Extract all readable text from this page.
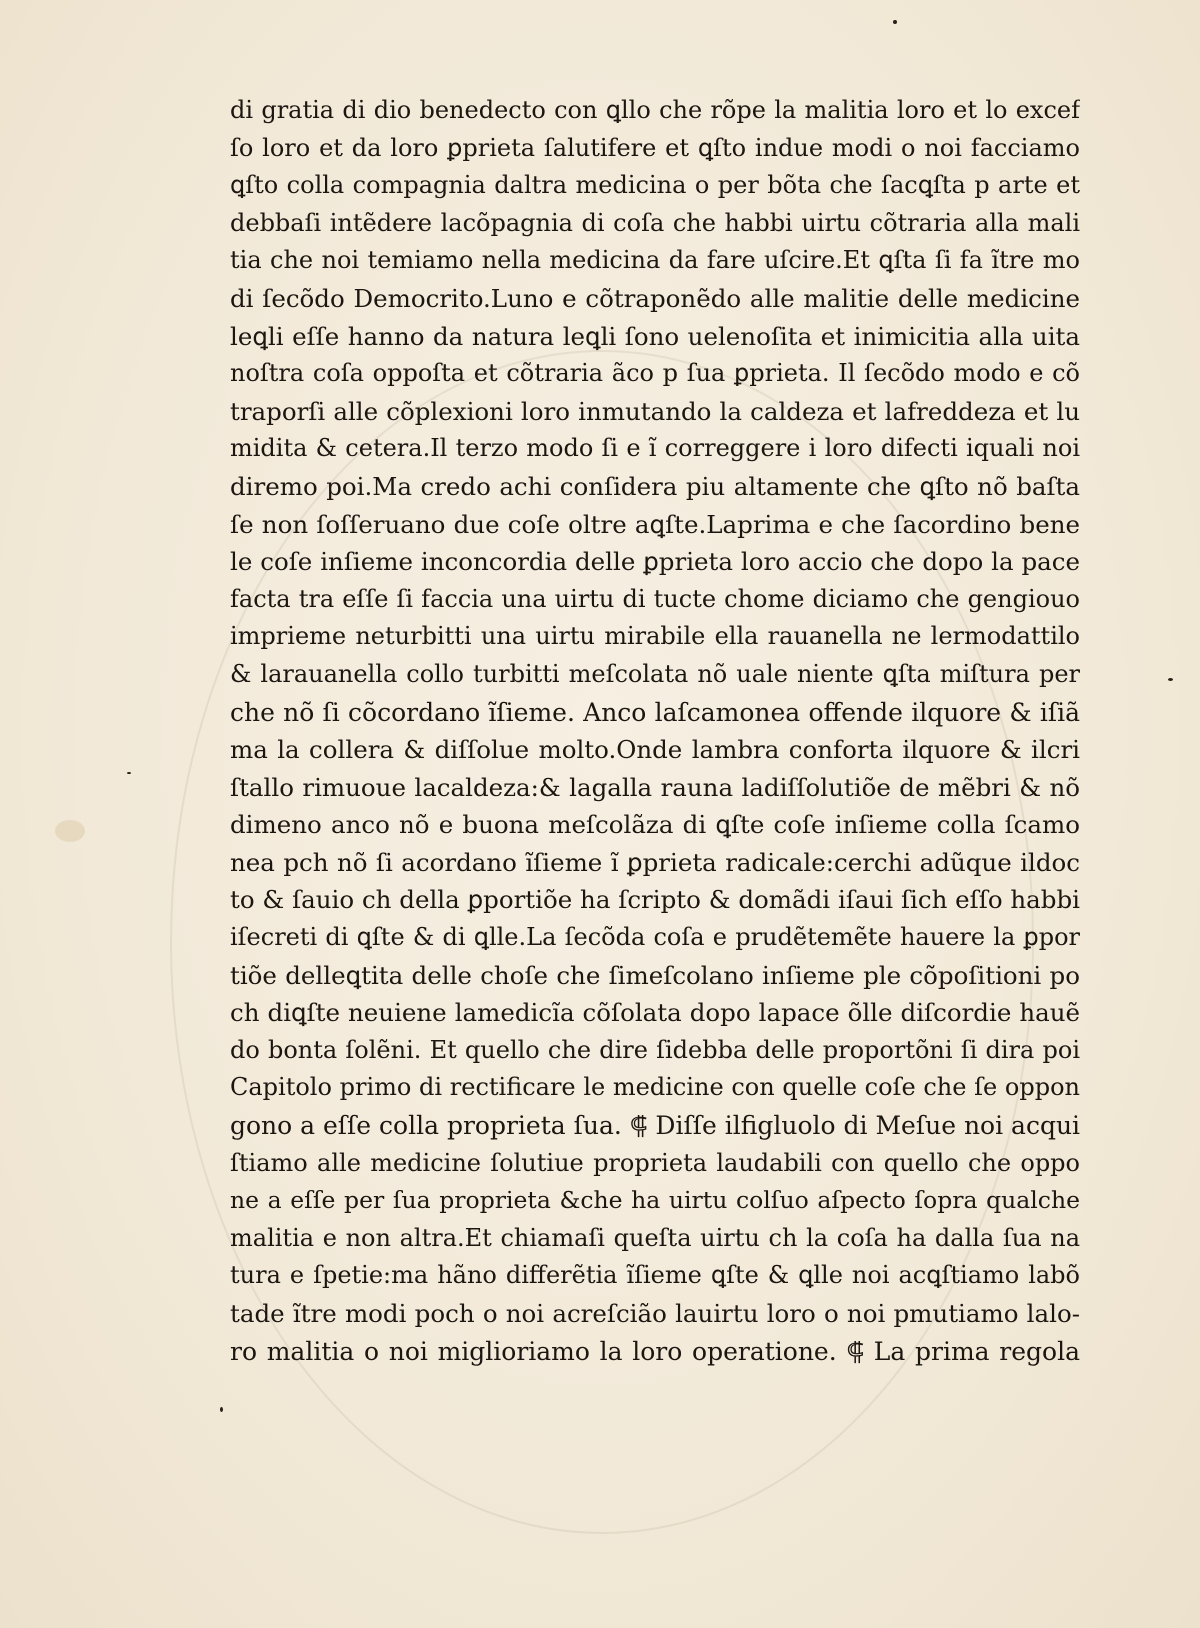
di gratia di dio benedecto con ꝗllo che rõpe la malitia loro et lo excef
ſo loro et da loro ꝑprieta ſalutifere et ꝗſto indue modi o noi facciamo
ꝗſto colla compagnia daltra medicina o per bõta che ſacꝗſta p arte et
debbaſi intẽdere lacõpagnia di coſa che habbi uirtu cõtraria alla mali
tia che noi temiamo nella medicina da fare uſcire.Et ꝗſta ſi fa ĩtre mo
di ſecõdo Democrito.Luno e cõtraponẽdo alle malitie delle medicine
leꝗli eſſe hanno da natura leꝗli ſono uelenoſita et inimicitia alla uita
noſtra coſa oppoſta et cõtraria ãco p ſua ꝑprieta. Il ſecõdo modo e cõ
traporſi alle cõplexioni loro inmutando la caldeza et lafreddeza et lu
midita & cetera.Il terzo modo ſi e ĩ correggere i loro difecti iquali noi
diremo poi.Ma credo achi conſidera piu altamente che ꝗſto nõ baſta
ſe non ſoſſeruano due coſe oltre aꝗſte.Laprima e che ſacordino bene
le coſe inſieme inconcordia delle ꝑprieta loro accio che dopo la pace
facta tra eſſe ſi faccia una uirtu di tucte chome diciamo che gengiouo
imprieme neturbitti una uirtu mirabile ella rauanella ne lermodattilo
& larauanella collo turbitti meſcolata nõ uale niente ꝗſta miſtura per
che nõ ſi cõcordano ĩſieme. Anco laſcamonea offende ilquore & iſiã
ma la collera & diſſolue molto.Onde lambra conforta ilquore & ilcri
ſtallo rimuoue lacaldeza:& lagalla rauna ladiſſolutiõe de mẽbri & nõ
dimeno anco nõ e buona meſcolãza di ꝗſte coſe inſieme colla ſcamo
nea pch nõ ſi acordano ĩſieme ĩ ꝑprieta radicale:cerchi adũque ildoc
to & ſauio ch della ꝑportiõe ha ſcripto & domãdi iſaui ſich eſſo habbi
iſecreti di ꝗſte & di ꝗlle.La ſecõda coſa e prudẽtemẽte hauere la ꝑpor
tiõe delleꝗtita delle choſe che ſimeſcolano inſieme ple cõpoſitioni po
ch diꝗſte neuiene lamedicĩa cõſolata dopo lapace õlle diſcordie hauẽ
do bonta ſolẽni. Et quello che dire ſidebba delle proportõni ſi dira poi
Capitolo primo di rectificare le medicine con quelle coſe che ſe oppon
gono a eſſe colla proprieta ſua. ⸿ Diſſe ilfigluolo di Meſue noi acqui
ſtiamo alle medicine ſolutiue proprieta laudabili con quello che oppo
ne a eſſe per ſua proprieta &che ha uirtu colſuo aſpecto ſopra qualche
malitia e non altra.Et chiamaſi queſta uirtu ch la coſa ha dalla ſua na
tura e ſpetie:ma hãno differẽtia ĩſieme ꝗſte & ꝗlle noi acꝗſtiamo labõ
tade ĩtre modi poch o noi acreſcião lauirtu loro o noi pmutiamo lalo-
ro malitia o noi miglioriamo la loro operatione. ⸿ La prima regola
